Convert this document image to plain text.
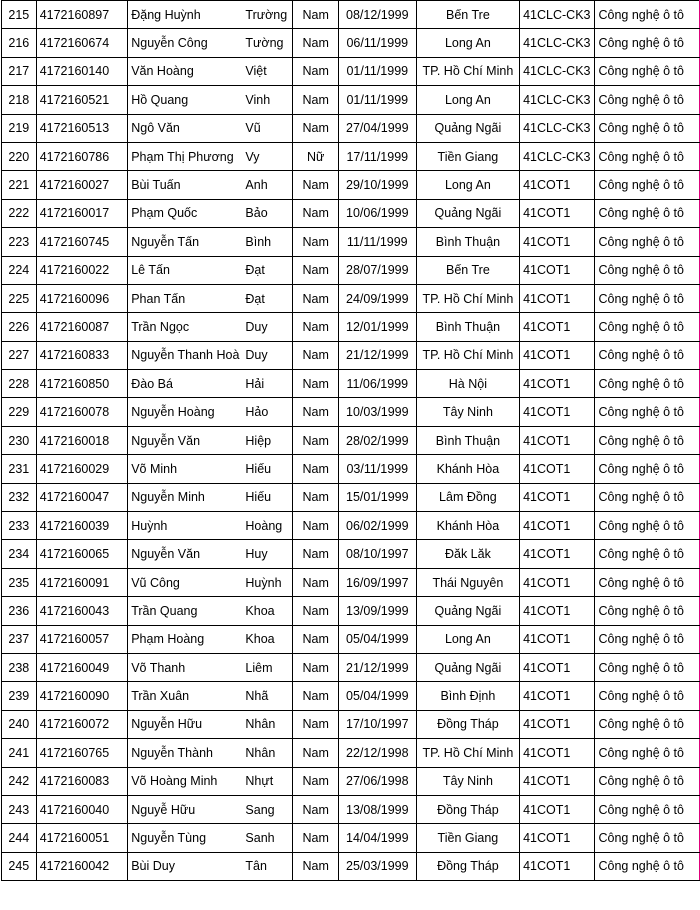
215	4172160897	Đặng Huỳnh	Trường	Nam	08/12/1999	Bến Tre	41CLC-CK3	Công nghệ ô tô
216	4172160674	Nguyễn Công	Tường	Nam	06/11/1999	Long An	41CLC-CK3	Công nghệ ô tô
217	4172160140	Văn Hoàng	Việt	Nam	01/11/1999	TP. Hồ Chí Minh	41CLC-CK3	Công nghệ ô tô
218	4172160521	Hồ Quang	Vinh	Nam	01/11/1999	Long An	41CLC-CK3	Công nghệ ô tô
219	4172160513	Ngô Văn	Vũ	Nam	27/04/1999	Quảng Ngãi	41CLC-CK3	Công nghệ ô tô
220	4172160786	Phạm Thị Phương	Vy	Nữ	17/11/1999	Tiền Giang	41CLC-CK3	Công nghệ ô tô
221	4172160027	Bùi Tuấn	Anh	Nam	29/10/1999	Long An	41COT1	Công nghệ ô tô
222	4172160017	Phạm Quốc	Bảo	Nam	10/06/1999	Quảng Ngãi	41COT1	Công nghệ ô tô
223	4172160745	Nguyễn Tấn	Bình	Nam	11/11/1999	Bình Thuận	41COT1	Công nghệ ô tô
224	4172160022	Lê Tấn	Đạt	Nam	28/07/1999	Bến Tre	41COT1	Công nghệ ô tô
225	4172160096	Phan Tấn	Đạt	Nam	24/09/1999	TP. Hồ Chí Minh	41COT1	Công nghệ ô tô
226	4172160087	Trần Ngọc	Duy	Nam	12/01/1999	Bình Thuận	41COT1	Công nghệ ô tô
227	4172160833	Nguyễn Thanh Hoà	Duy	Nam	21/12/1999	TP. Hồ Chí Minh	41COT1	Công nghệ ô tô
228	4172160850	Đào Bá	Hải	Nam	11/06/1999	Hà Nội	41COT1	Công nghệ ô tô
229	4172160078	Nguyễn Hoàng	Hảo	Nam	10/03/1999	Tây Ninh	41COT1	Công nghệ ô tô
230	4172160018	Nguyễn Văn	Hiệp	Nam	28/02/1999	Bình Thuận	41COT1	Công nghệ ô tô
231	4172160029	Võ Minh	Hiếu	Nam	03/11/1999	Khánh Hòa	41COT1	Công nghệ ô tô
232	4172160047	Nguyễn Minh	Hiếu	Nam	15/01/1999	Lâm Đồng	41COT1	Công nghệ ô tô
233	4172160039	Huỳnh	Hoàng	Nam	06/02/1999	Khánh Hòa	41COT1	Công nghệ ô tô
234	4172160065	Nguyễn Văn	Huy	Nam	08/10/1997	Đăk Lăk	41COT1	Công nghệ ô tô
235	4172160091	Vũ Công	Huỳnh	Nam	16/09/1997	Thái Nguyên	41COT1	Công nghệ ô tô
236	4172160043	Trần Quang	Khoa	Nam	13/09/1999	Quảng Ngãi	41COT1	Công nghệ ô tô
237	4172160057	Phạm Hoàng	Khoa	Nam	05/04/1999	Long An	41COT1	Công nghệ ô tô
238	4172160049	Võ Thanh	Liêm	Nam	21/12/1999	Quảng Ngãi	41COT1	Công nghệ ô tô
239	4172160090	Trần Xuân	Nhã	Nam	05/04/1999	Bình Định	41COT1	Công nghệ ô tô
240	4172160072	Nguyễn Hữu	Nhân	Nam	17/10/1997	Đồng Tháp	41COT1	Công nghệ ô tô
241	4172160765	Nguyễn Thành	Nhân	Nam	22/12/1998	TP. Hồ Chí Minh	41COT1	Công nghệ ô tô
242	4172160083	Võ Hoàng Minh	Nhựt	Nam	27/06/1998	Tây Ninh	41COT1	Công nghệ ô tô
243	4172160040	Nguyễ Hữu	Sang	Nam	13/08/1999	Đồng Tháp	41COT1	Công nghệ ô tô
244	4172160051	Nguyễn Tùng	Sanh	Nam	14/04/1999	Tiền Giang	41COT1	Công nghệ ô tô
245	4172160042	Bùi Duy	Tân	Nam	25/03/1999	Đồng Tháp	41COT1	Công nghệ ô tô
